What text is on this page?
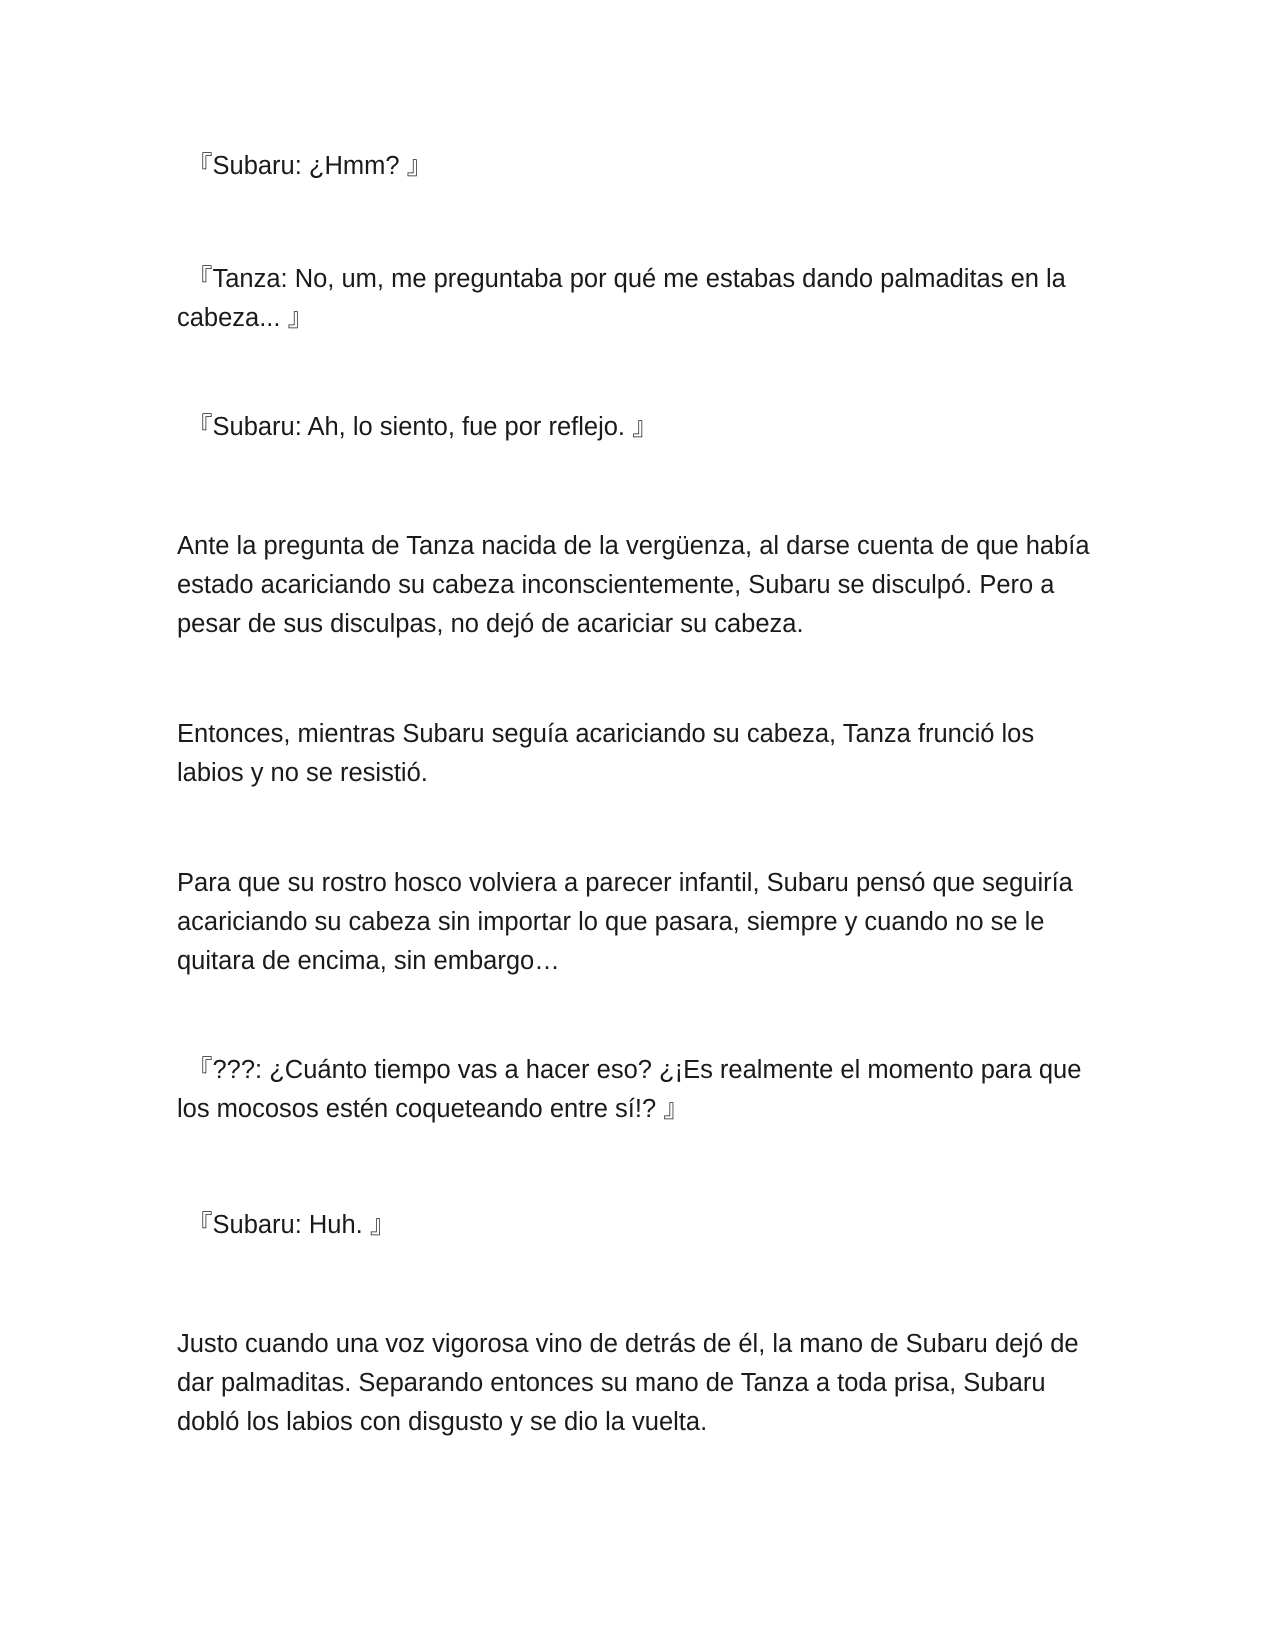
『Subaru: ¿Hmm? 』

『Tanza: No, um, me preguntaba por qué me estabas dando palmaditas en la cabeza... 』

『Subaru: Ah, lo siento, fue por reflejo. 』

Ante la pregunta de Tanza nacida de la vergüenza, al darse cuenta de que había estado acariciando su cabeza inconscientemente, Subaru se disculpó. Pero a pesar de sus disculpas, no dejó de acariciar su cabeza.

Entonces, mientras Subaru seguía acariciando su cabeza, Tanza frunció los labios y no se resistió.

Para que su rostro hosco volviera a parecer infantil, Subaru pensó que seguiría acariciando su cabeza sin importar lo que pasara, siempre y cuando no se le quitara de encima, sin embargo…

『???: ¿Cuánto tiempo vas a hacer eso? ¿¡Es realmente el momento para que los mocosos estén coqueteando entre sí!? 』

『Subaru: Huh. 』

Justo cuando una voz vigorosa vino de detrás de él, la mano de Subaru dejó de dar palmaditas. Separando entonces su mano de Tanza a toda prisa, Subaru dobló los labios con disgusto y se dio la vuelta.
